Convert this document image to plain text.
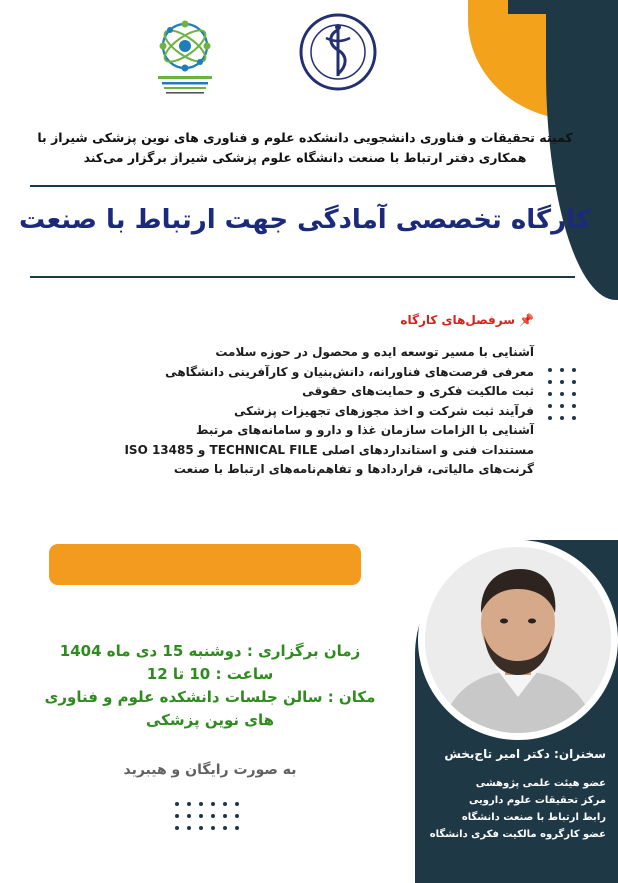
کمیته تحقیقات و فناوری دانشجویی دانشکده علوم و فناوری های نوین پزشکی شیراز با
همکاری دفتر ارتباط با صنعت دانشگاه علوم پزشکی شیراز برگزار می‌کند
کارگاه تخصصی آمادگی جهت ارتباط با صنعت
📌
سرفصل‌های کارگاه
آشنایی با مسیر توسعه ایده و محصول در حوزه سلامت
معرفی فرصت‌های فناورانه، دانش‌بنیان و کارآفرینی دانشگاهی
ثبت مالکیت فکری و حمایت‌های حقوقی
فرآیند ثبت شرکت و اخذ مجوزهای تجهیزات پزشکی
آشنایی با الزامات سازمان غذا و دارو و سامانه‌های مرتبط
مستندات فنی و استانداردهای اصلی TECHNICAL FILE و ISO 13485
گرنت‌های مالیاتی، قراردادها و تفاهم‌نامه‌های ارتباط با صنعت
سخنران: دکتر امیر تاج‌بخش
عضو هیئت علمی پژوهشی
مرکز تحقیقات علوم دارویی
رابط ارتباط با صنعت دانشگاه
عضو کارگروه مالکیت فکری دانشگاه
زمان برگزاری : دوشنبه 15 دی ماه 1404
ساعت : 10 تا 12
مکان : سالن جلسات دانشکده علوم و فناوری
های نوین پزشکی
به صورت رایگان و هیبرید
